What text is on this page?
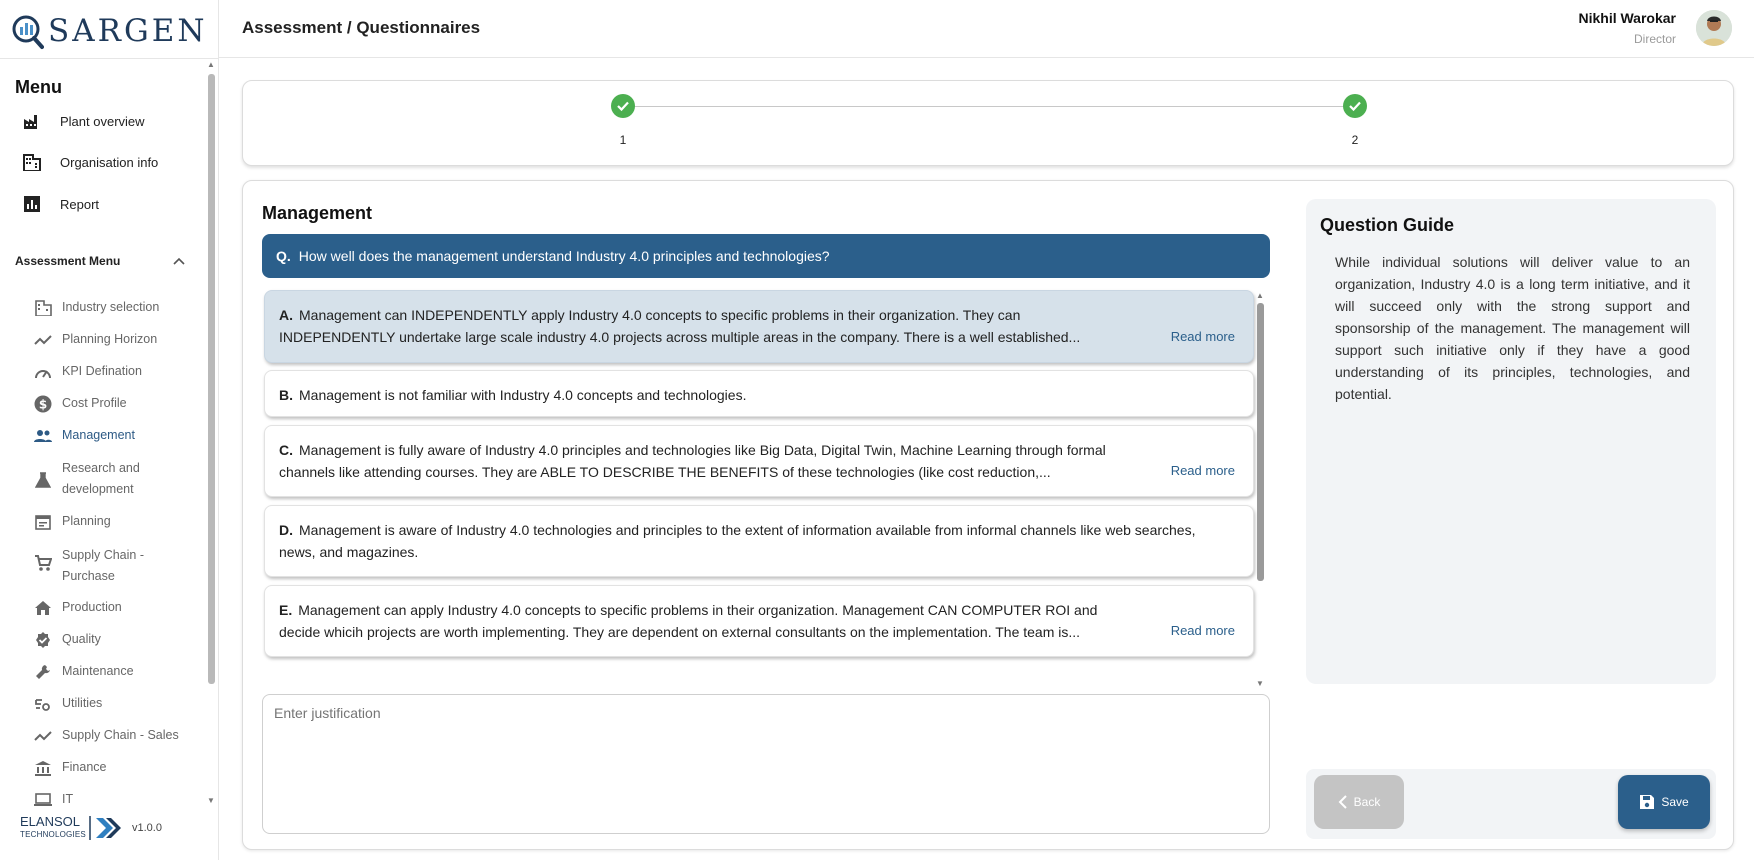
SARGEN
Menu
Plant overview
Organisation info
Report
Assessment Menu
Industry selection
Planning Horizon
KPI Defination
$ Cost Profile
Management
Research and
development
Planning
Supply Chain -
Purchase
Production
Quality
Maintenance
Utilities
Supply Chain - Sales
Finance
IT
▲
▼
ELANSOL
TECHNOLOGIES
v1.0.0
Assessment / Questionnaires	Nikhil Warokar
Director
1	2
Management
Q. How well does the management understand Industry 4.0 principles and technologies?
A. Management can INDEPENDENTLY apply Industry 4.0 concepts to specific problems in their organization. They can
INDEPENDENTLY undertake large scale industry 4.0 projects across multiple areas in the company. There is a well established...	Read more
B. Management is not familiar with Industry 4.0 concepts and technologies.
C. Management is fully aware of Industry 4.0 principles and technologies like Big Data, Digital Twin, Machine Learning through formal
channels like attending courses. They are ABLE TO DESCRIBE THE BENEFITS of these technologies (like cost reduction,...	Read more
D. Management is aware of Industry 4.0 technologies and principles to the extent of information available from informal channels like web searches,
news, and magazines.
E. Management can apply Industry 4.0 concepts to specific problems in their organization. Management CAN COMPUTER ROI and
decide whicih projects are worth implementing. They are dependent on external consultants on the implementation. The team is...	Read more
▲
▼
Enter justification
Question Guide
While individual solutions will deliver value to an organization, Industry 4.0 is a long term initiative, and it will succeed only with the strong support and sponsorship of the management. The management will support such initiative only if they have a good understanding of its principles, technologies, and potential.
Back	Save
